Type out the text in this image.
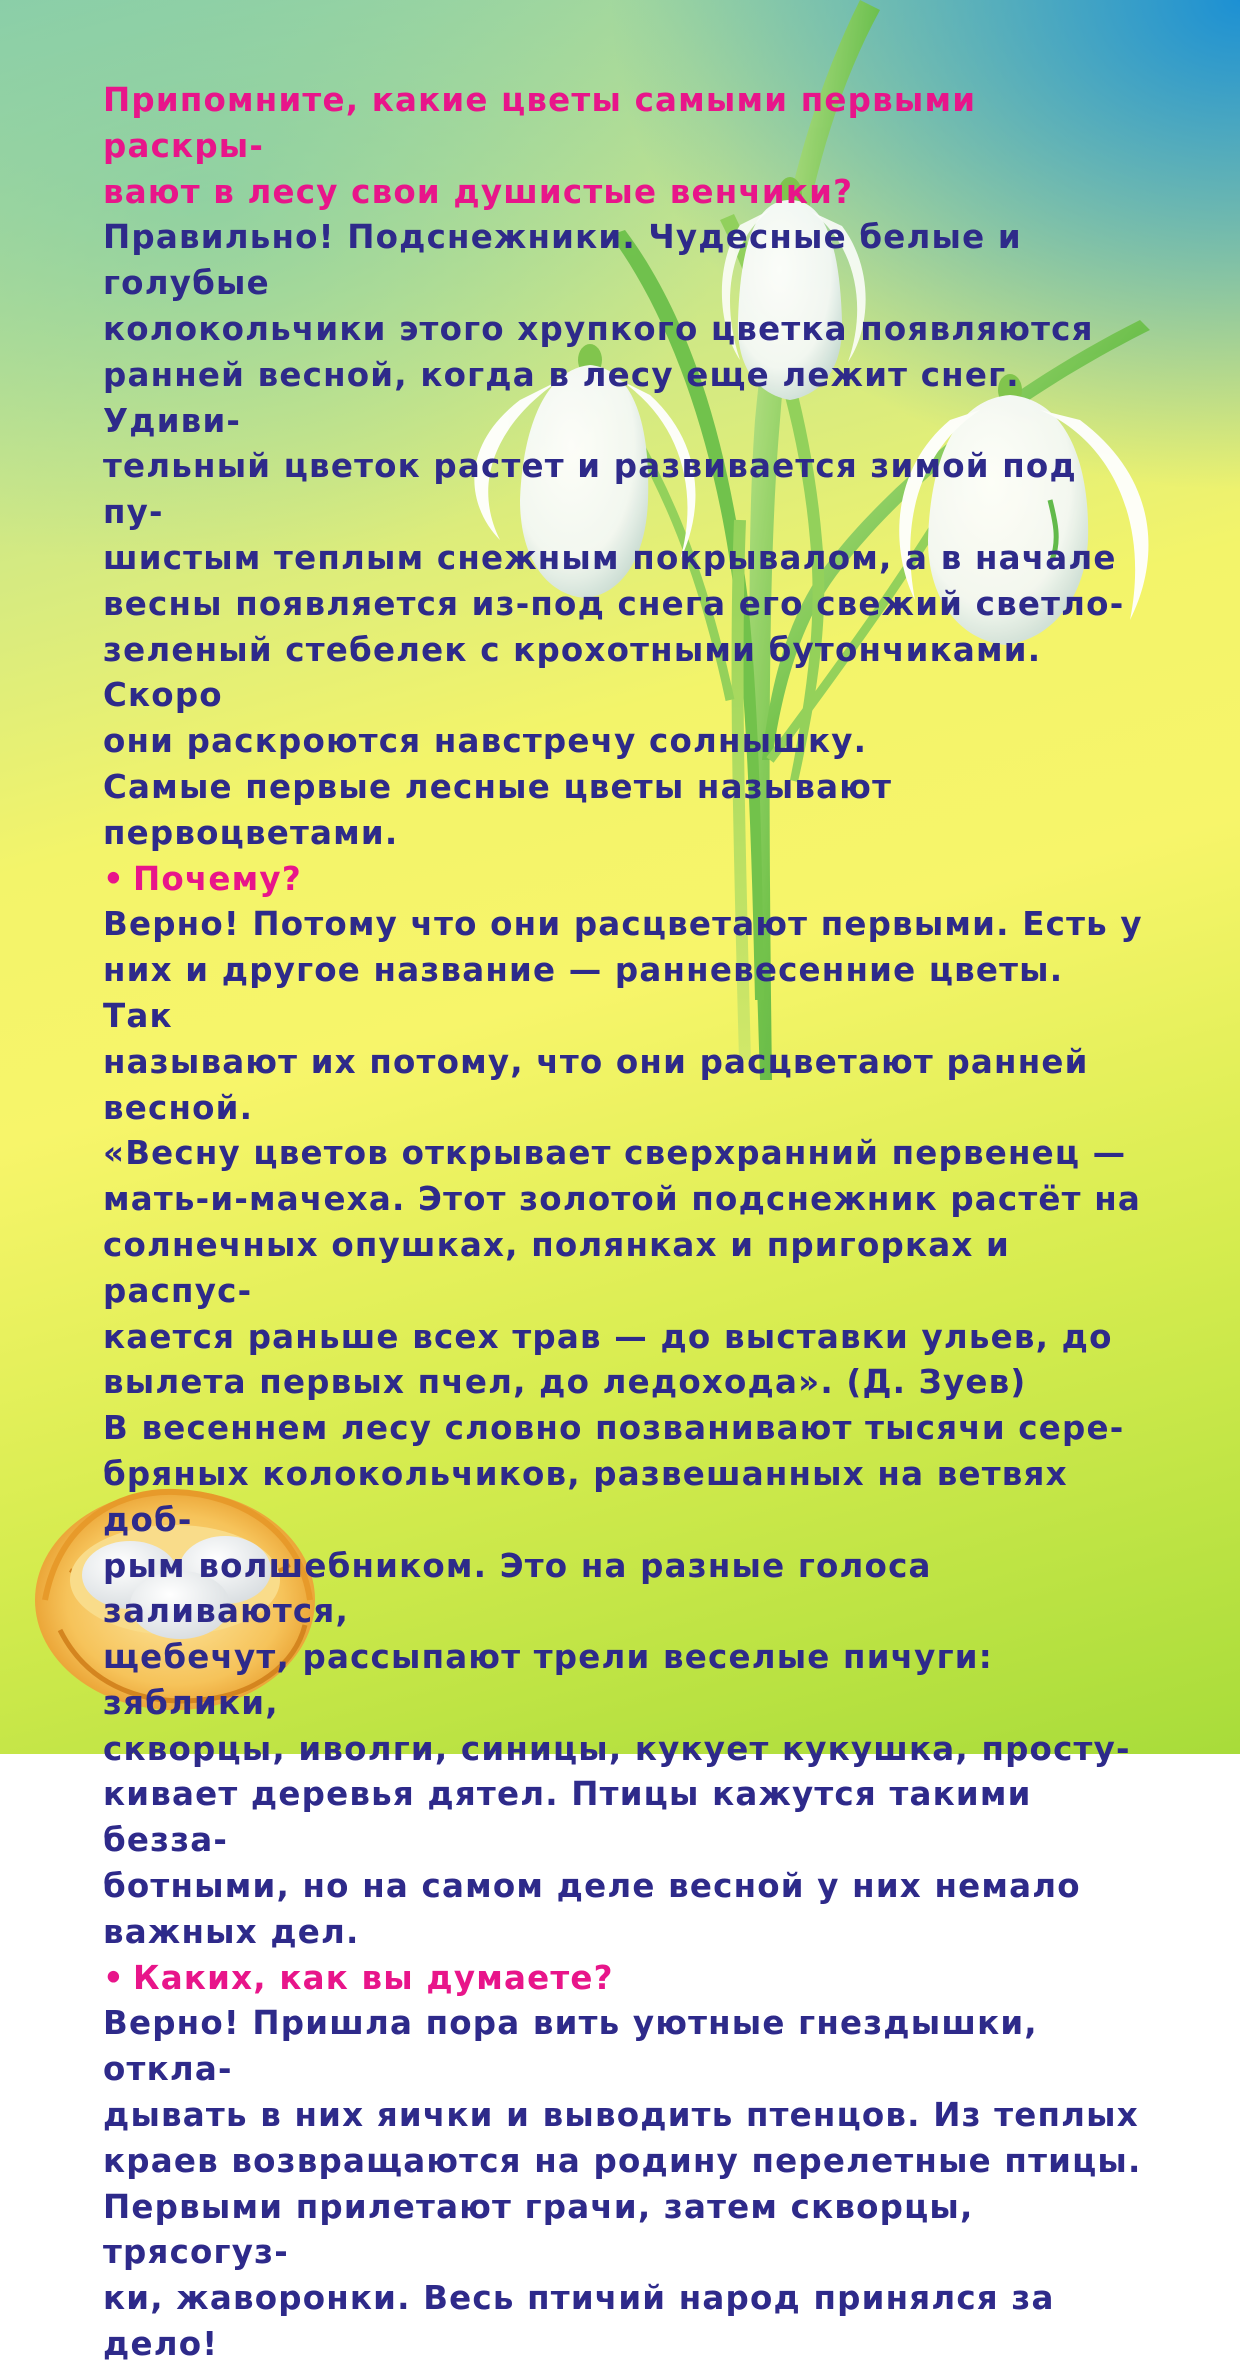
Припомните, какие цветы самыми первыми раскры-
вают в лесу свои душистые венчики?

Правильно! Подснежники. Чудесные белые и голубые
колокольчики этого хрупкого цветка появляются
ранней весной, когда в лесу еще лежит снег. Удиви-
тельный цветок растет и развивается зимой под пу-
шистым теплым снежным покрывалом, а в начале
весны появляется из-под снега его свежий светло-
зеленый стебелек с крохотными бутончиками. Скоро
они раскроются навстречу солнышку.

Самые первые лесные цветы называют первоцветами.

• Почему?

Верно! Потому что они расцветают первыми. Есть у
них и другое название — ранневесенние цветы. Так
называют их потому, что они расцветают ранней
весной.

«Весну цветов открывает сверхранний первенец —
мать-и-мачеха. Этот золотой подснежник растёт на
солнечных опушках, полянках и пригорках и распус-
кается раньше всех трав — до выставки ульев, до
вылета первых пчел, до ледохода». (Д. Зуев)

В весеннем лесу словно позванивают тысячи сере-
бряных колокольчиков, развешанных на ветвях доб-
рым волшебником. Это на разные голоса заливаются,
щебечут, рассыпают трели веселые пичуги: зяблики,
скворцы, иволги, синицы, кукует кукушка, просту-
кивает деревья дятел. Птицы кажутся такими безза-
ботными, но на самом деле весной у них немало
важных дел.

• Каких, как вы думаете?

Верно! Пришла пора вить уютные гнездышки, откла-
дывать в них яички и выводить птенцов. Из теплых
краев возвращаются на родину перелетные птицы.
Первыми прилетают грачи, затем скворцы, трясогуз-
ки, жаворонки. Весь птичий народ принялся за дело!
